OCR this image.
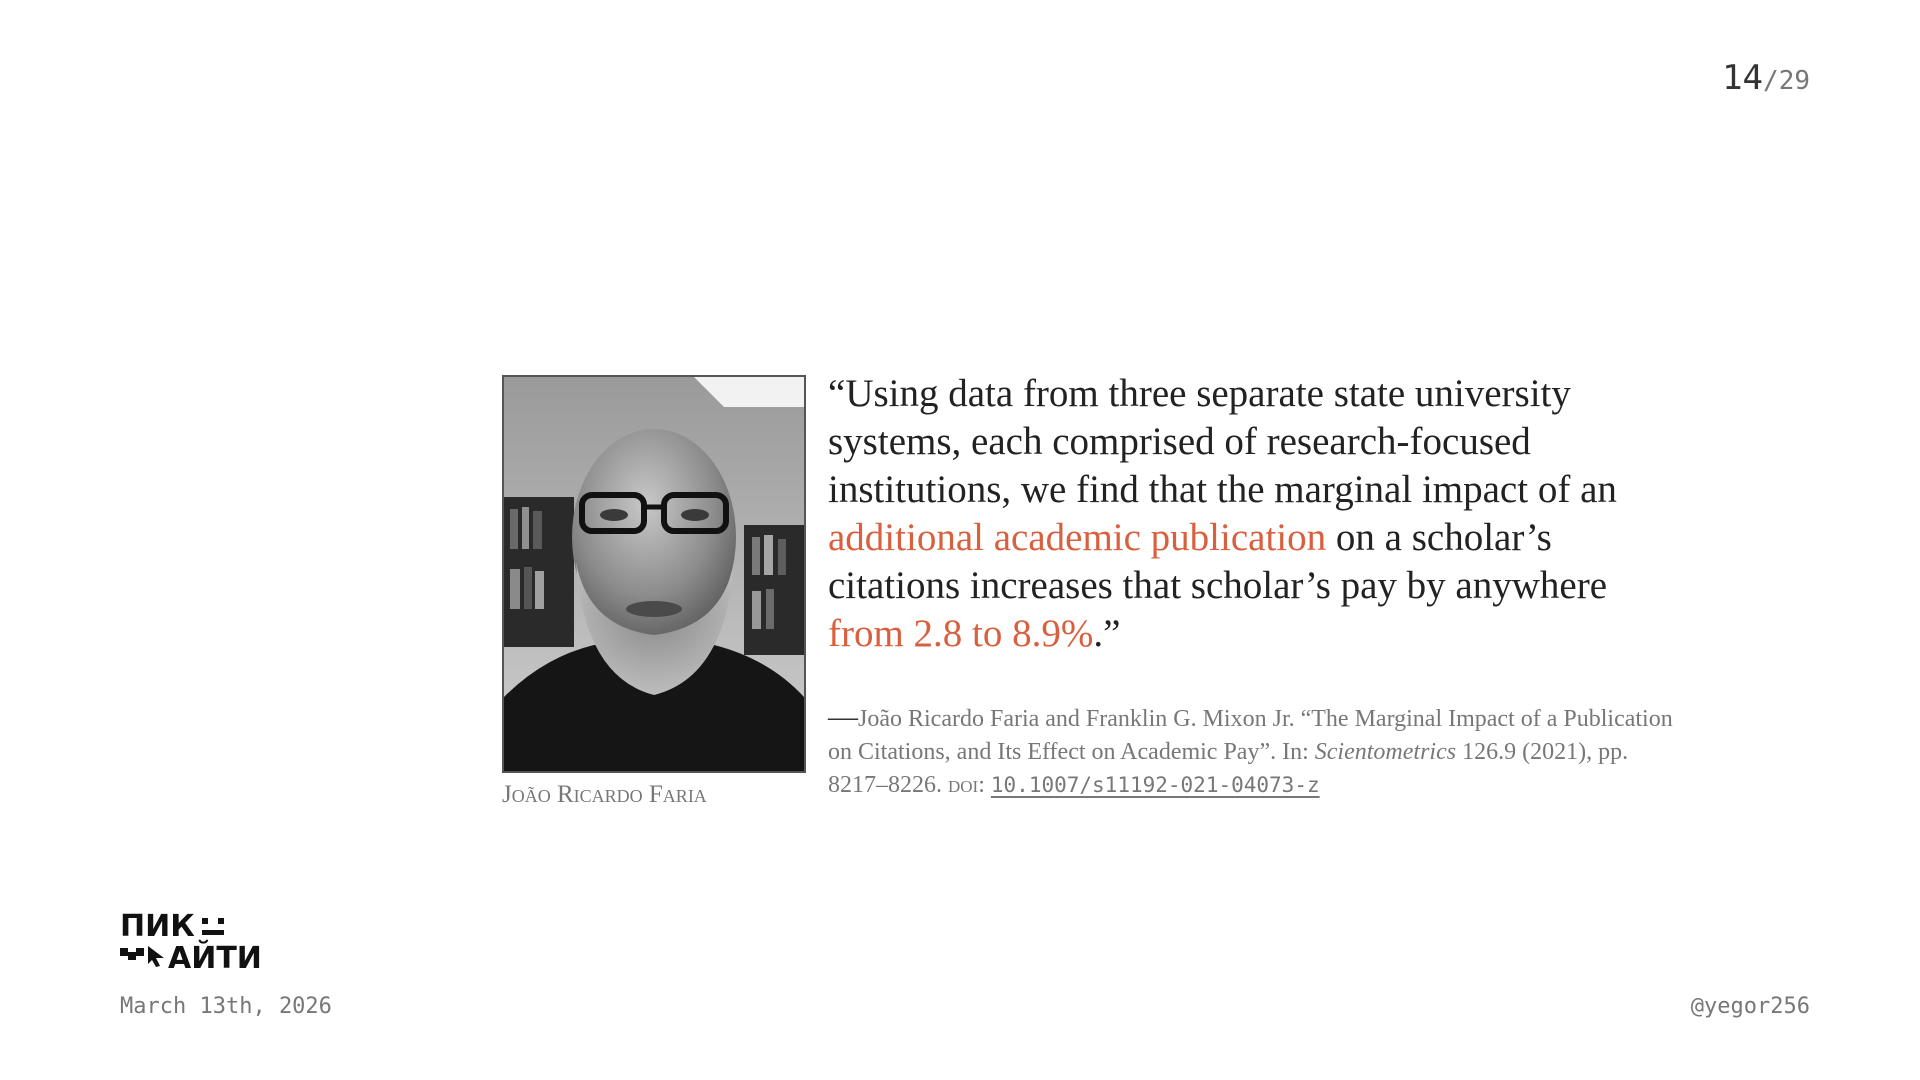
14/29
João Ricardo Faria

“Using data from three separate state university systems, each comprised of research-focused institutions, we find that the marginal impact of an additional academic publication on a scholar’s citations increases that scholar’s pay by anywhere from 2.8 to 8.9%.”

—João Ricardo Faria and Franklin G. Mixon Jr. “The Marginal Impact of a Publication on Citations, and Its Effect on Academic Pay”. In: Scientometrics 126.9 (2021), pp. 8217–8226. doi: 10.1007/s11192-021-04073-z
ПИК
АЙТИ
March 13th, 2026	@yegor256
